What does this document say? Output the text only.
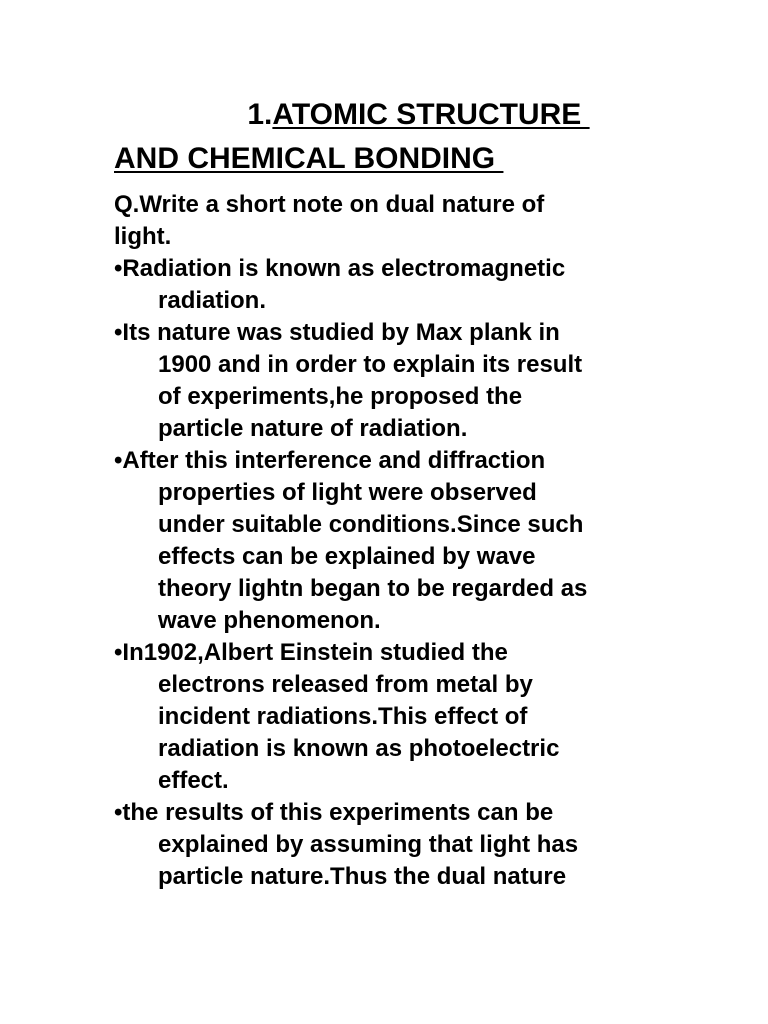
1.ATOMIC STRUCTURE
AND CHEMICAL BONDING

Q.Write a short note on dual nature of
light.

•Radiation is known as electromagnetic
radiation.
•Its nature was studied by Max plank in
1900 and in order to explain its result
of experiments,he proposed the
particle nature of radiation.
•After this interference and diffraction
properties of light were observed
under suitable conditions.Since such
effects can be explained by wave
theory lightn began to be regarded as
wave phenomenon.
•In1902,Albert Einstein studied the
electrons released from metal by
incident radiations.This effect of
radiation is known as photoelectric
effect.
•the results of this experiments can be
explained by assuming that light has
particle nature.Thus the dual nature
